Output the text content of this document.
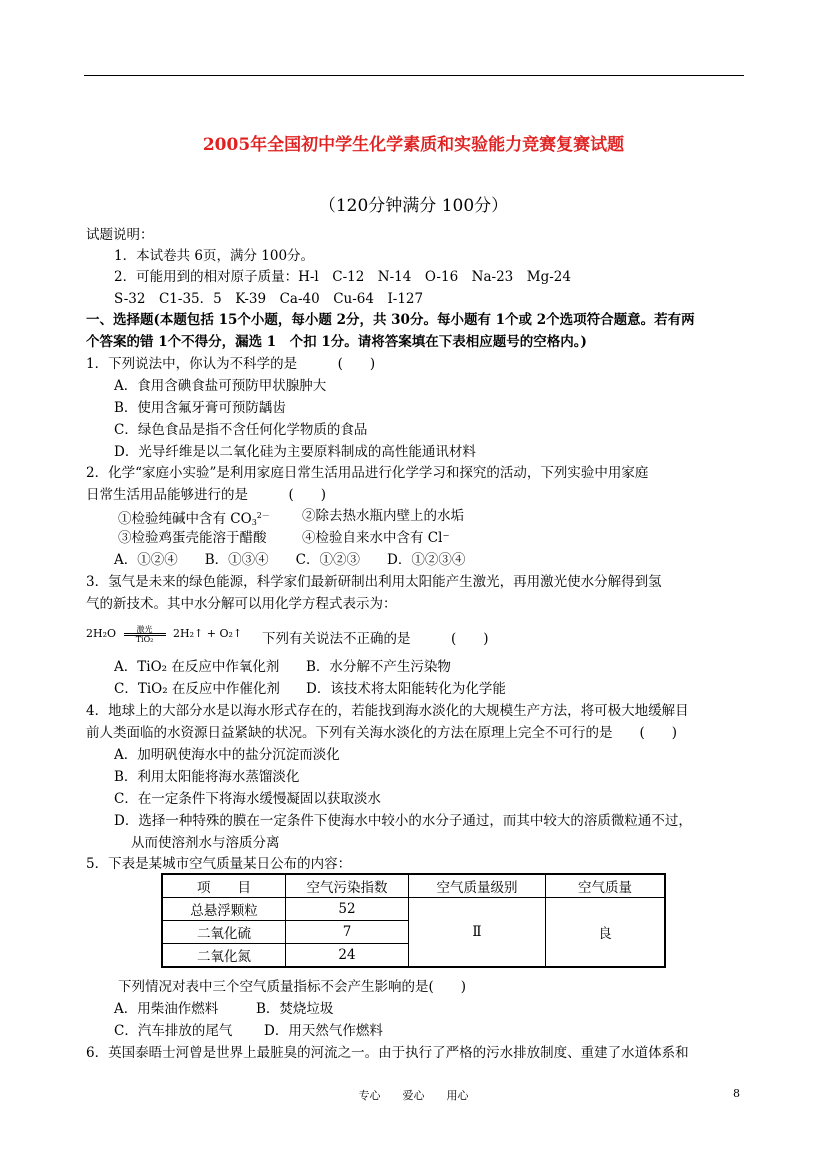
2005年全国初中学生化学素质和实验能力竞赛复赛试题
（120分钟满分 100分）
试题说明：
1．本试卷共 6页，满分 100分。
2．可能用到的相对原子质量：H-l　C-12　N-14　O-16　Na-23　Mg-24
S-32　C1-35．5　K-39　Ca-40　Cu-64　I-127
一、选择题(本题包括 15个小题，每小题 2分，共 30分。每小题有 1个或 2个选项符合题意。若有两
个答案的错 1个不得分，漏选 1　个扣 1分。请将答案填在下表相应题号的空格内。)
1．下列说法中，你认为不科学的是　　　(　　)
A．食用含碘食盐可预防甲状腺肿大
B．使用含氟牙膏可预防龋齿
C．绿色食品是指不含任何化学物质的食品
D．光导纤维是以二氧化硅为主要原料制成的高性能通讯材料
2．化学“家庭小实验”是利用家庭日常生活用品进行化学学习和探究的活动，下列实验中用家庭
日常生活用品能够进行的是　　　(　　)
①检验纯碱中含有 $CO_3^{2-}$ ②除去热水瓶内壁上的水垢
③检验鸡蛋壳能溶于醋酸	④检验自来水中含有 Cl⁻
A．①②④　　B．①③④　　C．①②③　　D．①②③④
3．氢气是未来的绿色能源，科学家们最新研制出利用太阳能产生激光，再用激光使水分解得到氢
气的新技术。其中水分解可以用化学方程式表示为：
2H₂O	激光
TiO₂	2H₂↑ + O₂↑ 下列有关说法不正确的是　　　(　　)
A．TiO₂ 在反应中作氧化剂 B．水分解不产生污染物
C．TiO₂ 在反应中作催化剂 D．该技术将太阳能转化为化学能
4．地球上的大部分水是以海水形式存在的，若能找到海水淡化的大规模生产方法，将可极大地缓解目
前人类面临的水资源日益紧缺的状况。下列有关海水淡化的方法在原理上完全不可行的是　　(　　)
A．加明矾使海水中的盐分沉淀而淡化
B．利用太阳能将海水蒸馏淡化
C．在一定条件下将海水缓慢凝固以获取淡水
D．选择一种特殊的膜在一定条件下使海水中较小的水分子通过，而其中较大的溶质微粒通不过，
从而使溶剂水与溶质分离
5．下表是某城市空气质量某日公布的内容：
项　　目	空气污染指数	空气质量级别	空气质量
总悬浮颗粒	52	Ⅱ	良
二氧化硫	7		
二氧化氮	24		
下列情况对表中三个空气质量指标不会产生影响的是(　　)
A．用柴油作燃料	B．焚烧垃圾
C．汽车排放的尾气 D．用天然气作燃料
6．英国泰晤士河曾是世界上最脏臭的河流之一。由于执行了严格的污水排放制度、重建了水道体系和
专心　　爱心　　用心	8
